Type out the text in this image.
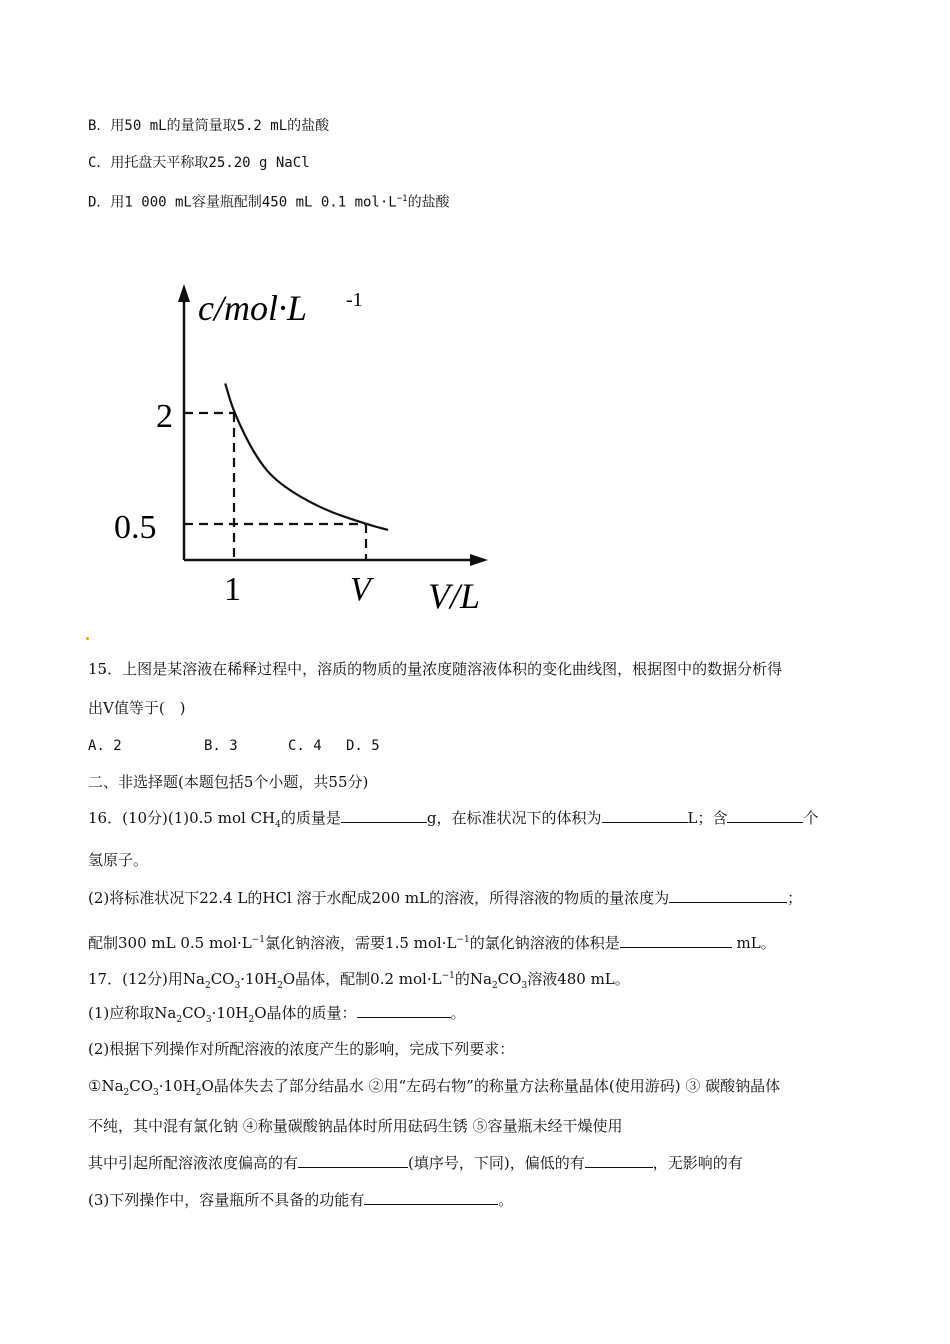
B．用50 mL的量筒量取5.2 mL的盐酸
C．用托盘天平称取25.20 g NaCl
D．用1 000 mL容量瓶配制450 mL 0.1 $mol\cdot L^{-1}$的盐酸
c/mol·L -1
2
0.5
1	V V/L
15．上图是某溶液在稀释过程中，溶质的物质的量浓度随溶液体积的变化曲线图，根据图中的数据分析得
出V值等于(　)
A. 2	B. 3	C. 4 D. 5
二、非选择题(本题包括5个小题，共55分)
16．(10分)(1)0.5 mol $CH_4$的质量是	g，在标准状况下的体积为	L；含	个
氢原子。
(2)将标准状况下22.4 L的HCl 溶于水配成200 mL的溶液，所得溶液的物质的量浓度为	；
配制300 mL 0.5 $mol\cdot L^{-1}$氯化钠溶液，需要1.5 $mol\cdot L^{-1}$的氯化钠溶液的体积是	mL。
17．(12分)用$Na_2CO_3\cdot 10H_2O$晶体，配制0.2 $mol\cdot L^{-1}$的$Na_2CO_3$溶液480 mL。
(1)应称取$Na_2CO_3\cdot 10H_2O$晶体的质量：	。
(2)根据下列操作对所配溶液的浓度产生的影响，完成下列要求：
$①Na_2CO_3\cdot 10H_2O$晶体失去了部分结晶水 ②用“左码右物”的称量方法称量晶体(使用游码) ③ 碳酸钠晶体
不纯，其中混有氯化钠 ④称量碳酸钠晶体时所用砝码生锈 ⑤容量瓶未经干燥使用
其中引起所配溶液浓度偏高的有	(填序号，下同)，偏低的有	，无影响的有
(3)下列操作中，容量瓶所不具备的功能有	。
